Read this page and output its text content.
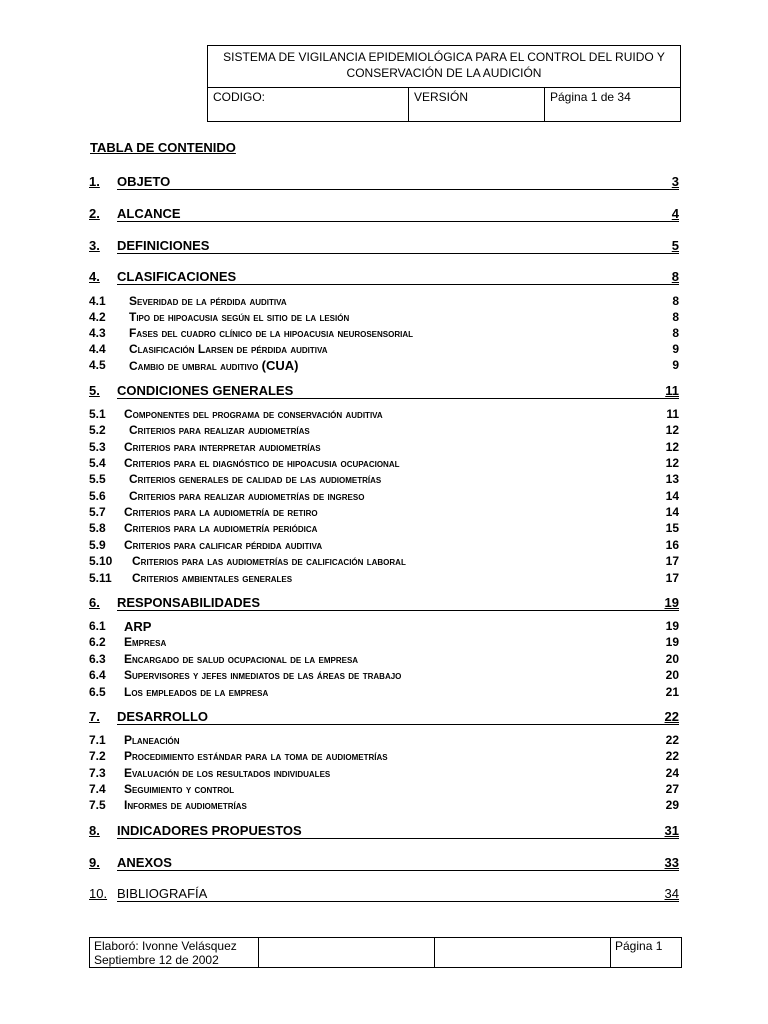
SISTEMA DE VIGILANCIA EPIDEMIOLÓGICA PARA EL CONTROL DEL RUIDO Y
CONSERVACIÓN DE LA AUDICIÓN
CODIGO:	VERSIÓN	Página 1 de 34
TABLA DE CONTENIDO
1. OBJETO	3
2. ALCANCE	4
3. DEFINICIONES	5
4. CLASIFICACIONES	8
4.1 Severidad de la pérdida auditiva	8
4.2 Tipo de hipoacusia según el sitio de la lesión	8
4.3 Fases del cuadro clínico de la hipoacusia neurosensorial	8
4.4 Clasificación Larsen de pérdida auditiva	9
4.5 Cambio de umbral auditivo (CUA)	9
5. CONDICIONES GENERALES	11
5.1 Componentes del programa de conservación auditiva	11
5.2 Criterios para realizar audiometrías	12
5.3 Criterios para interpretar audiometrías	12
5.4 Criterios para el diagnóstico de hipoacusia ocupacional	12
5.5 Criterios generales de calidad de las audiometrías	13
5.6 Criterios para realizar audiometrías de ingreso	14
5.7 Criterios para la audiometría de retiro	14
5.8 Criterios para la audiometría periódica	15
5.9 Criterios para calificar pérdida auditiva	16
5.10 Criterios para las audiometrías de calificación laboral	17
5.11 Criterios ambientales generales	17
6. RESPONSABILIDADES	19
6.1 ARP	19
6.2 Empresa	19
6.3 Encargado de salud ocupacional de la empresa	20
6.4 Supervisores y jefes inmediatos de las áreas de trabajo	20
6.5 Los empleados de la empresa	21
7. DESARROLLO	22
7.1 Planeación	22
7.2 Procedimiento estándar para la toma de audiometrías	22
7.3 Evaluación de los resultados individuales	24
7.4 Seguimiento y control	27
7.5 Informes de audiometrías	29
8. INDICADORES PROPUESTOS	31
9. ANEXOS	33
10. BIBLIOGRAFÍA	34
Elaboró: Ivonne Velásquez
Septiembre 12 de 2002
Página 1
